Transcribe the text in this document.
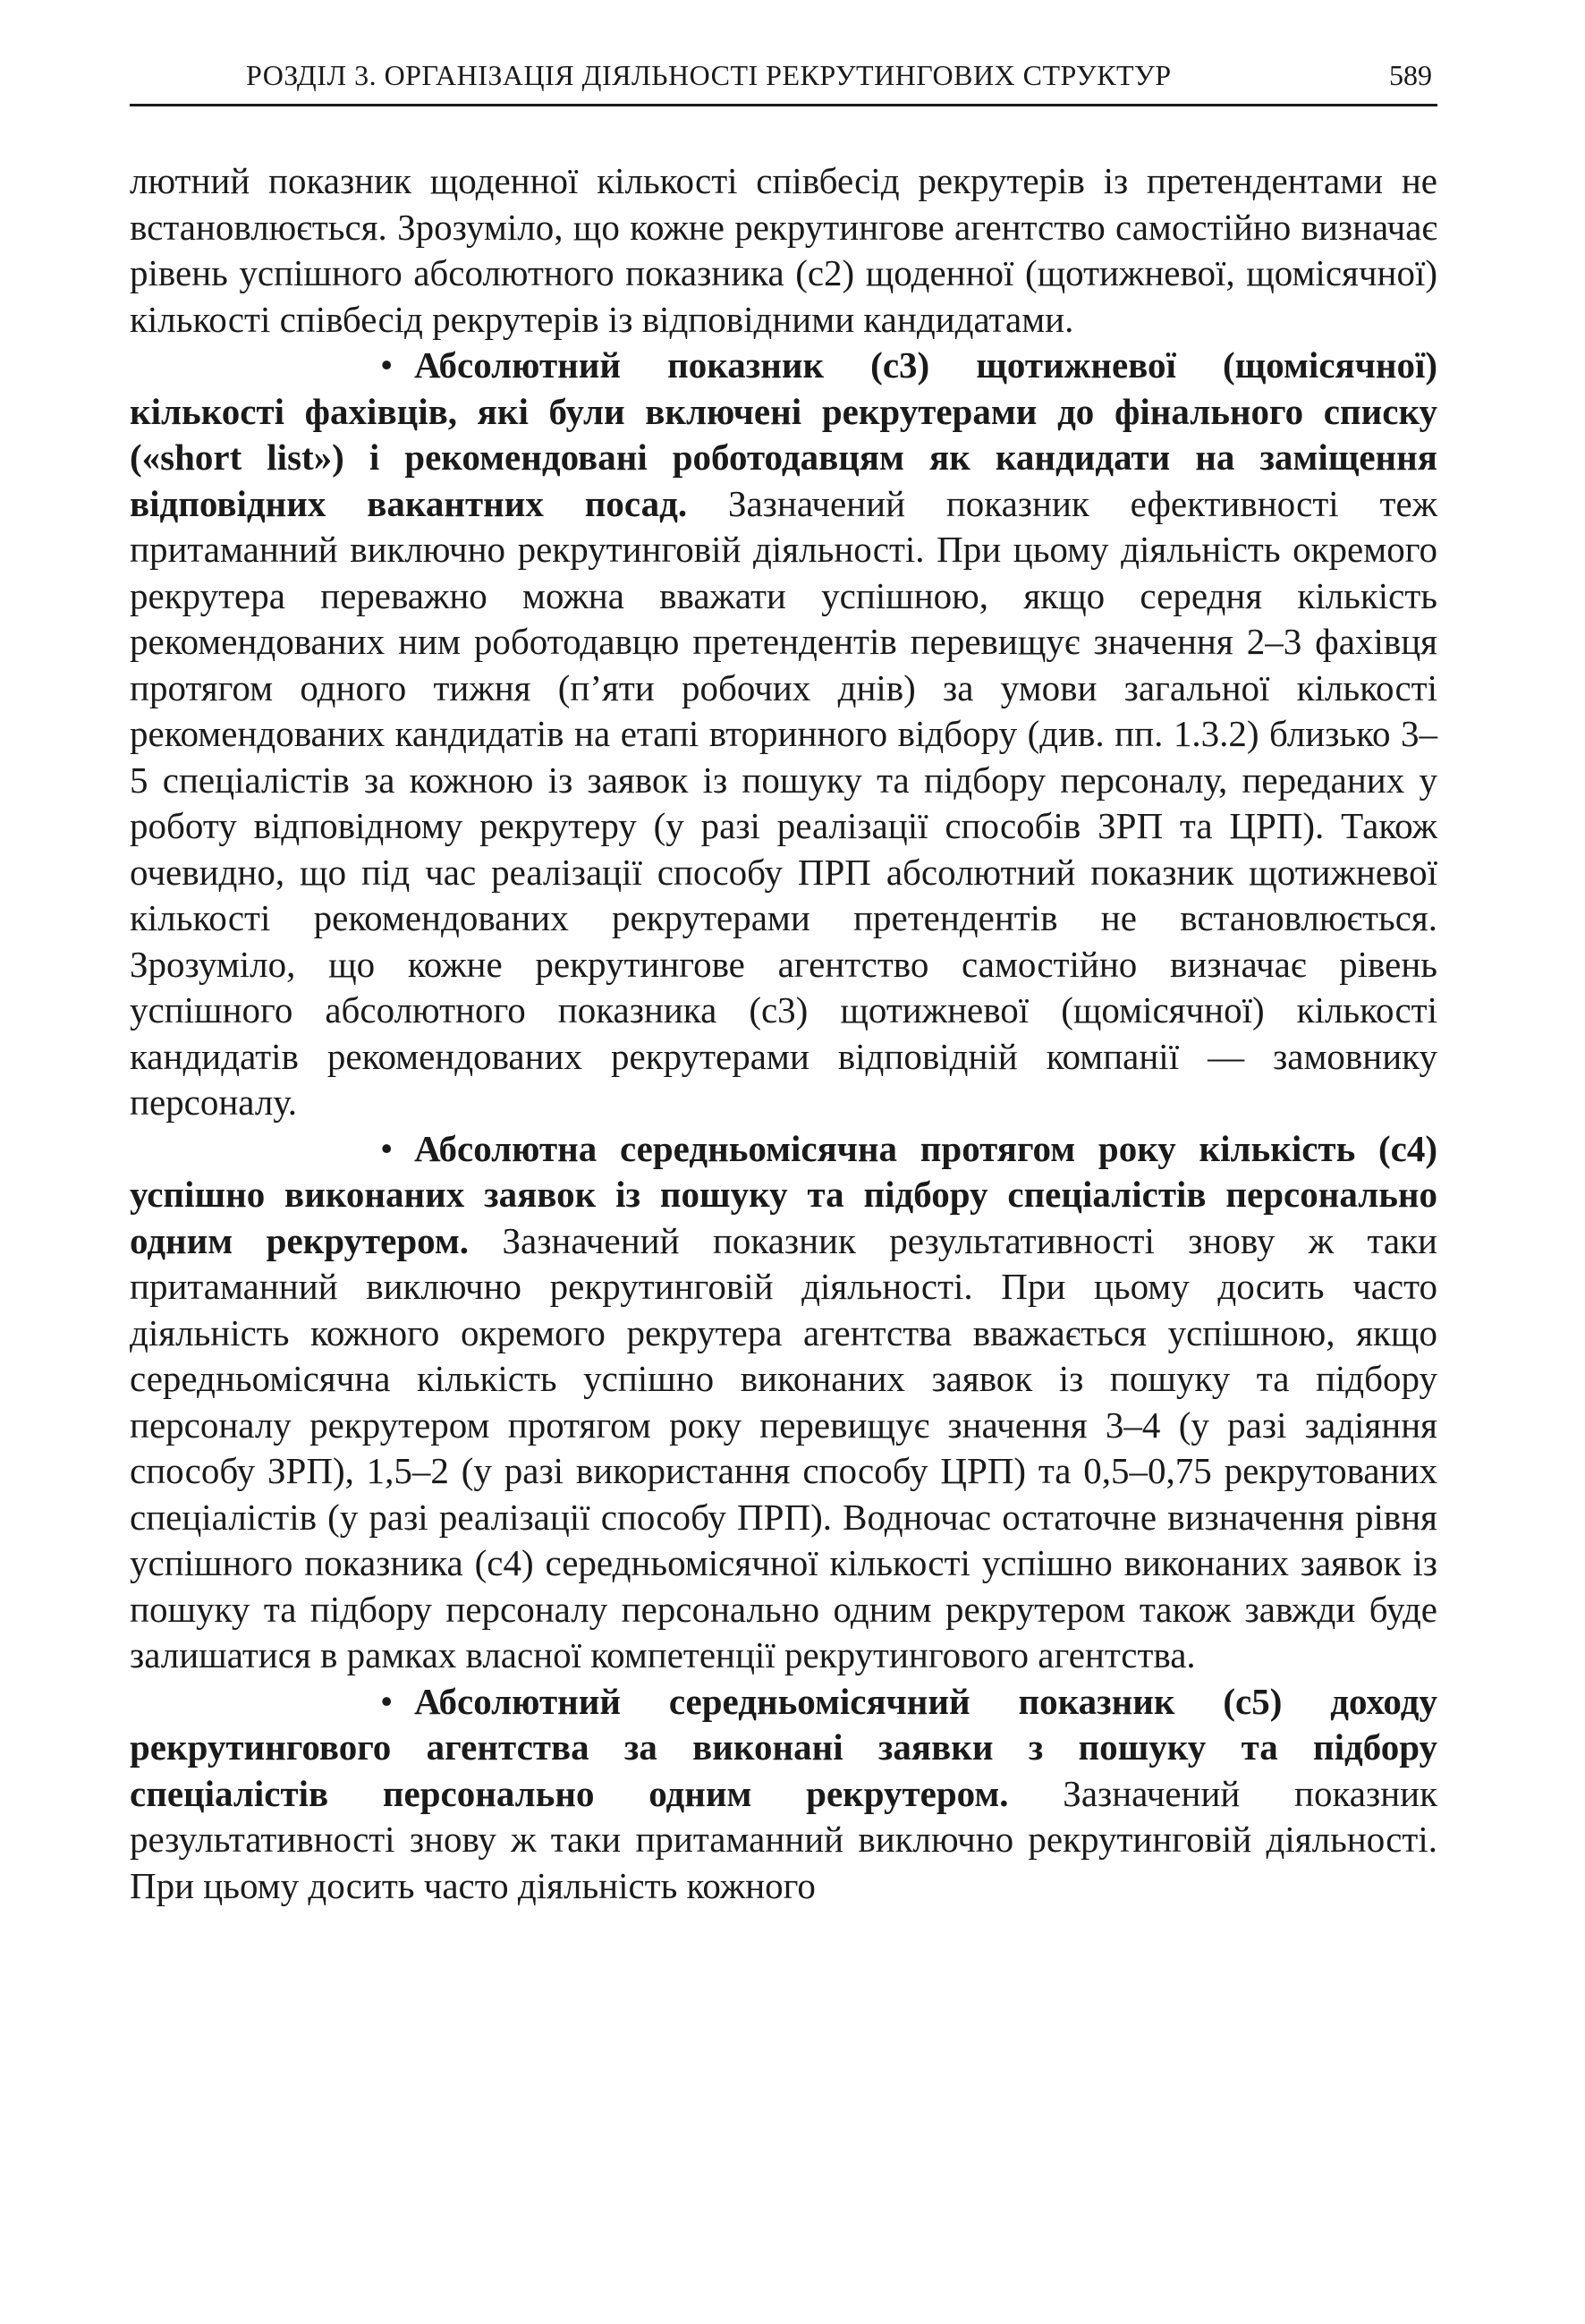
РОЗДІЛ 3. ОРГАНІЗАЦІЯ ДІЯЛЬНОСТІ РЕКРУТИНГОВИХ СТРУКТУР	589

лютний показник щоденної кількості співбесід рекрутерів із претендентами не встановлюється. Зрозуміло, що кожне рекрутингове агентство самостійно визначає рівень успішного абсолютного показника (с2) щоденної (щотижневої, щомісячної) кількості співбесід рекрутерів із відповідними кандидатами.

• Абсолютний показник (с3) щотижневої (щомісячної) кількості фахівців, які були включені рекрутерами до фінального списку («short list») і рекомендовані роботодавцям як кандидати на заміщення відповідних вакантних посад. Зазначений показник ефективності теж притаманний виключно рекрутинговій діяльності. При цьому діяльність окремого рекрутера переважно можна вважати успішною, якщо середня кількість рекомендованих ним роботодавцю претендентів перевищує значення 2–3 фахівця протягом одного тижня (п’яти робочих днів) за умови загальної кількості рекомендованих кандидатів на етапі вторинного відбору (див. пп. 1.3.2) близько 3–5 спеціалістів за кожною із заявок із пошуку та підбору персоналу, переданих у роботу відповідному рекрутеру (у разі реалізації способів ЗРП та ЦРП). Також очевидно, що під час реалізації способу ПРП абсолютний показник щотижневої кількості рекомендованих рекрутерами претендентів не встановлюється. Зрозуміло, що кожне рекрутингове агентство самостійно визначає рівень успішного абсолютного показника (с3) щотижневої (щомісячної) кількості кандидатів рекомендованих рекрутерами відповідній компанії — замовнику персоналу.

• Абсолютна середньомісячна протягом року кількість (с4) успішно виконаних заявок із пошуку та підбору спеціалістів персонально одним рекрутером. Зазначений показник результативності знову ж таки притаманний виключно рекрутинговій діяльності. При цьому досить часто діяльність кожного окремого рекрутера агентства вважається успішною, якщо середньомісячна кількість успішно виконаних заявок із пошуку та підбору персоналу рекрутером протягом року перевищує значення 3–4 (у разі задіяння способу ЗРП), 1,5–2 (у разі використання способу ЦРП) та 0,5–0,75 рекрутованих спеціалістів (у разі реалізації способу ПРП). Водночас остаточне визначення рівня успішного показника (с4) середньомісячної кількості успішно виконаних заявок із пошуку та підбору персоналу персонально одним рекрутером також завжди буде залишатися в рамках власної компетенції рекрутингового агентства.

• Абсолютний середньомісячний показник (с5) доходу рекрутингового агентства за виконані заявки з пошуку та підбору спеціалістів персонально одним рекрутером. Зазначений показник результативності знову ж таки притаманний виключно рекрутинговій діяльності. При цьому досить часто діяльність кожного
